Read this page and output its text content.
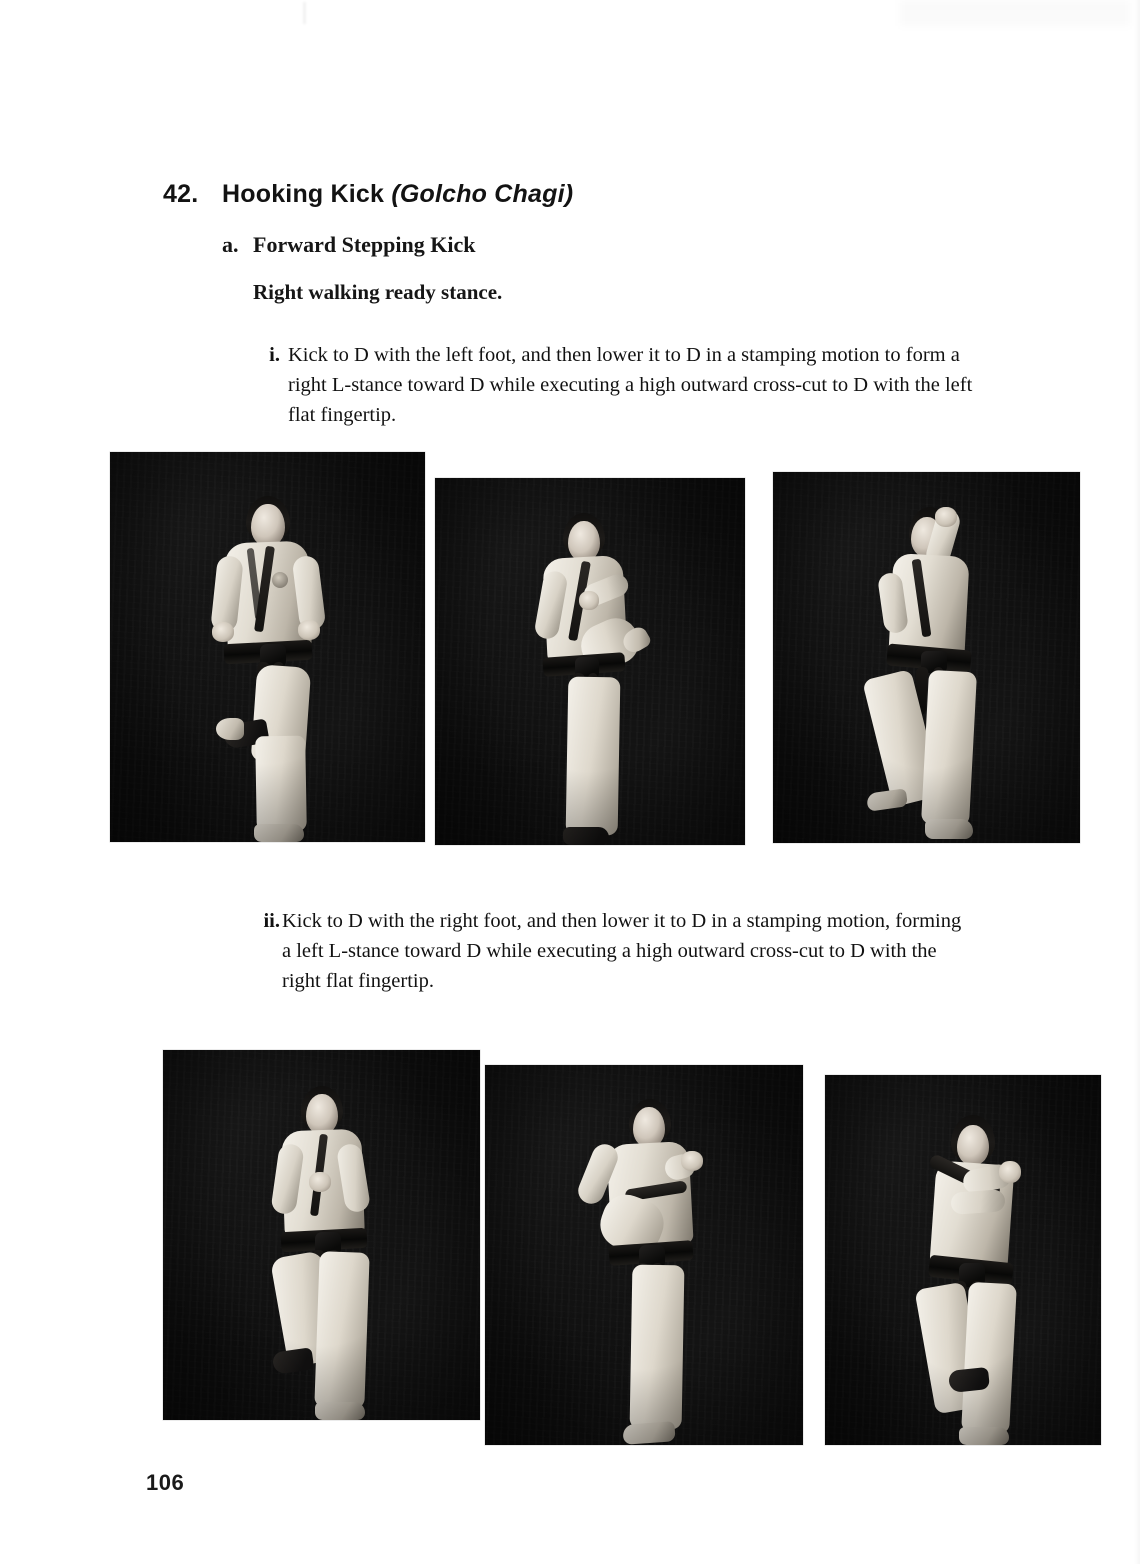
42. Hooking Kick (Golcho Chagi)
a. Forward Stepping Kick
Right walking ready stance.
i. Kick to D with the left foot, and then lower it to D in a stamping motion to form a right L-stance toward D while executing a high outward cross-cut to D with the left flat fingertip.
ii. Kick to D with the right foot, and then lower it to D in a stamping motion, forming a left L-stance toward D while executing a high outward cross-cut to D with the right flat fingertip.
106
